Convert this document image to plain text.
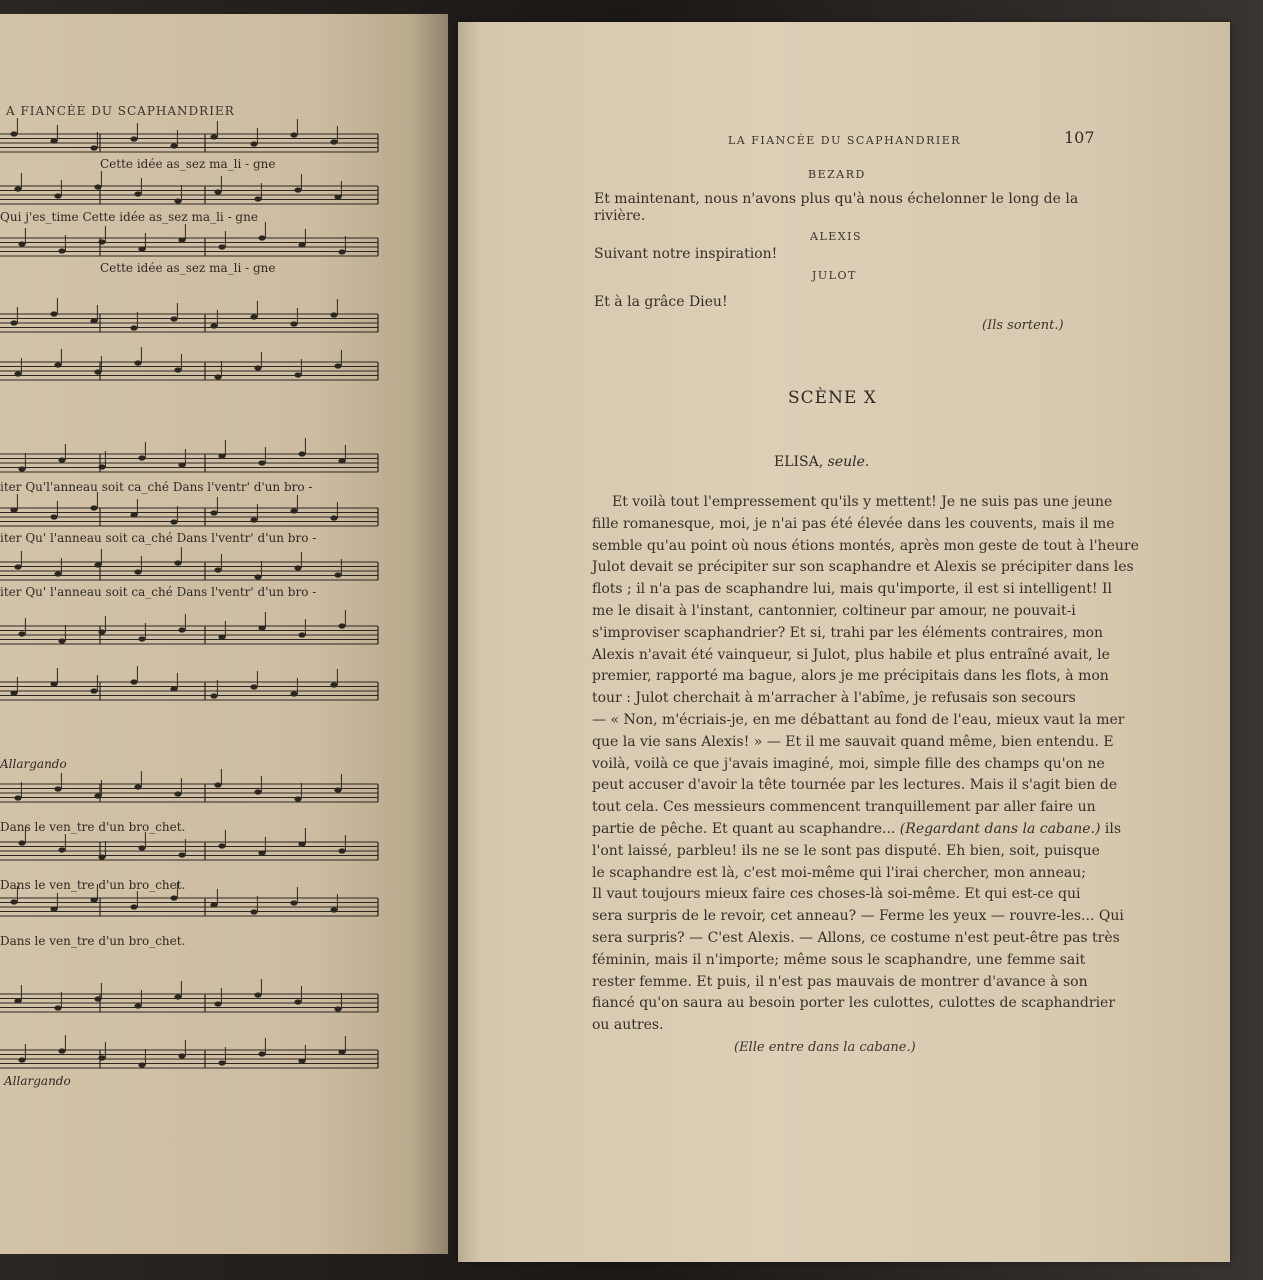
A FIANCÉE DU SCAPHANDRIER
Cette idée as_sez ma_li - gne
Qui j'es_time Cette idée as_sez ma_li - gne
Cette idée as_sez ma_li - gne
iter Qu'l'anneau soit ca_ché Dans l'ventr' d'un bro -
iter Qu' l'anneau soit ca_ché Dans l'ventr' d'un bro -
iter Qu' l'anneau soit ca_ché Dans l'ventr' d'un bro -
Allargando
Dans le ven_tre d'un bro_chet.
Dans le ven_tre d'un bro_chet.
Dans le ven_tre d'un bro_chet.
Allargando
LA FIANCÉE DU SCAPHANDRIER	107
BEZARD
Et maintenant, nous n'avons plus qu'à nous échelonner le long de la
rivière.
ALEXIS
Suivant notre inspiration!
JULOT
Et à la grâce Dieu!
(Ils sortent.)
SCÈNE X
ELISA, seule.
Et voilà tout l'empressement qu'ils y mettent! Je ne suis pas une jeune
fille romanesque, moi, je n'ai pas été élevée dans les couvents, mais il me
semble qu'au point où nous étions montés, après mon geste de tout à l'heure
Julot devait se précipiter sur son scaphandre et Alexis se précipiter dans les
flots ; il n'a pas de scaphandre lui, mais qu'importe, il est si intelligent! Il
me le disait à l'instant, cantonnier, coltineur par amour, ne pouvait-i
s'improviser scaphandrier? Et si, trahi par les éléments contraires, mon
Alexis n'avait été vainqueur, si Julot, plus habile et plus entraîné avait, le
premier, rapporté ma bague, alors je me précipitais dans les flots, à mon
tour : Julot cherchait à m'arracher à l'abîme, je refusais son secours
— « Non, m'écriais-je, en me débattant au fond de l'eau, mieux vaut la mer
que la vie sans Alexis! » — Et il me sauvait quand même, bien entendu. E
voilà, voilà ce que j'avais imaginé, moi, simple fille des champs qu'on ne
peut accuser d'avoir la tête tournée par les lectures. Mais il s'agit bien de
tout cela. Ces messieurs commencent tranquillement par aller faire un
partie de pêche. Et quant au scaphandre... (Regardant dans la cabane.) ils
l'ont laissé, parbleu! ils ne se le sont pas disputé. Eh bien, soit, puisque
le scaphandre est là, c'est moi-même qui l'irai chercher, mon anneau;
Il vaut toujours mieux faire ces choses-là soi-même. Et qui est-ce qui
sera surpris de le revoir, cet anneau? — Ferme les yeux — rouvre-les... Qui
sera surpris? — C'est Alexis. — Allons, ce costume n'est peut-être pas très
féminin, mais il n'importe; même sous le scaphandre, une femme sait
rester femme. Et puis, il n'est pas mauvais de montrer d'avance à son
fiancé qu'on saura au besoin porter les culottes, culottes de scaphandrier
ou autres.
(Elle entre dans la cabane.)
